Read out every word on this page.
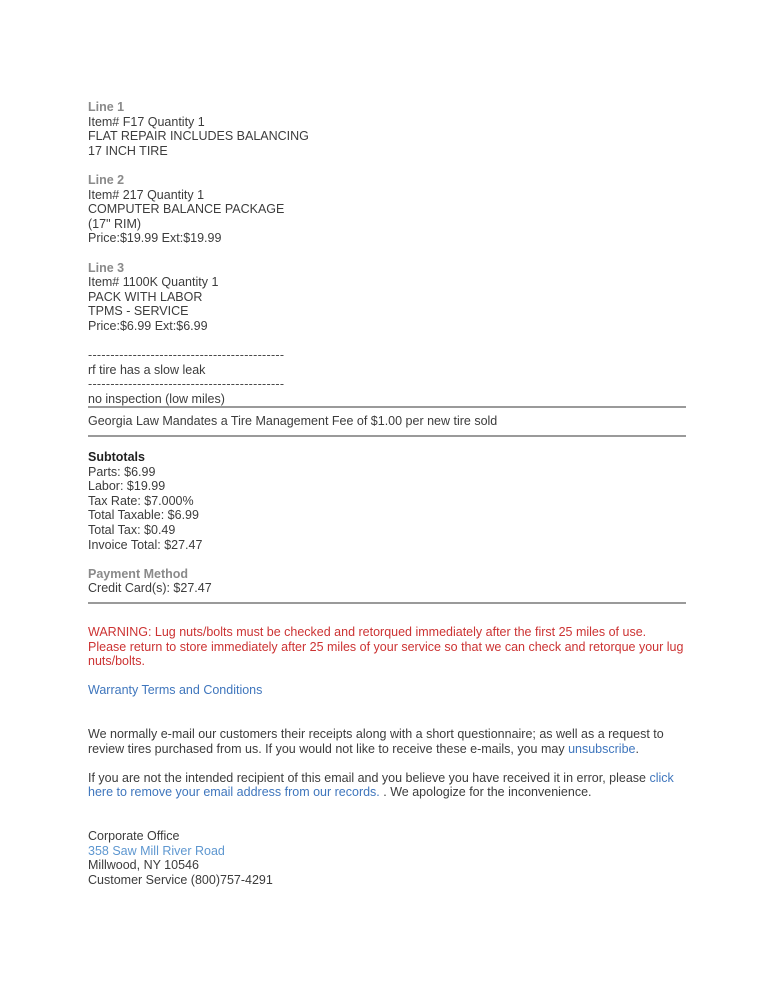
Line 1
Item# F17 Quantity 1
FLAT REPAIR INCLUDES BALANCING
17 INCH TIRE
Line 2
Item# 217 Quantity 1
COMPUTER BALANCE PACKAGE
(17" RIM)
Price:$19.99 Ext:$19.99
Line 3
Item# 1100K Quantity 1
PACK WITH LABOR
TPMS - SERVICE
Price:$6.99 Ext:$6.99
--------------------------------------------
rf tire has a slow leak
--------------------------------------------
no inspection (low miles)
Georgia Law Mandates a Tire Management Fee of $1.00 per new tire sold
Subtotals
Parts: $6.99
Labor: $19.99
Tax Rate: $7.000%
Total Taxable: $6.99
Total Tax: $0.49
Invoice Total: $27.47
Payment Method
Credit Card(s): $27.47
WARNING: Lug nuts/bolts must be checked and retorqued immediately after the first 25 miles of use. Please return to store immediately after 25 miles of your service so that we can check and retorque your lug nuts/bolts.
Warranty Terms and Conditions
We normally e-mail our customers their receipts along with a short questionnaire; as well as a request to review tires purchased from us. If you would not like to receive these e-mails, you may unsubscribe.
If you are not the intended recipient of this email and you believe you have received it in error, please click here to remove your email address from our records. . We apologize for the inconvenience.
Corporate Office
358 Saw Mill River Road
Millwood, NY 10546
Customer Service (800)757-4291
